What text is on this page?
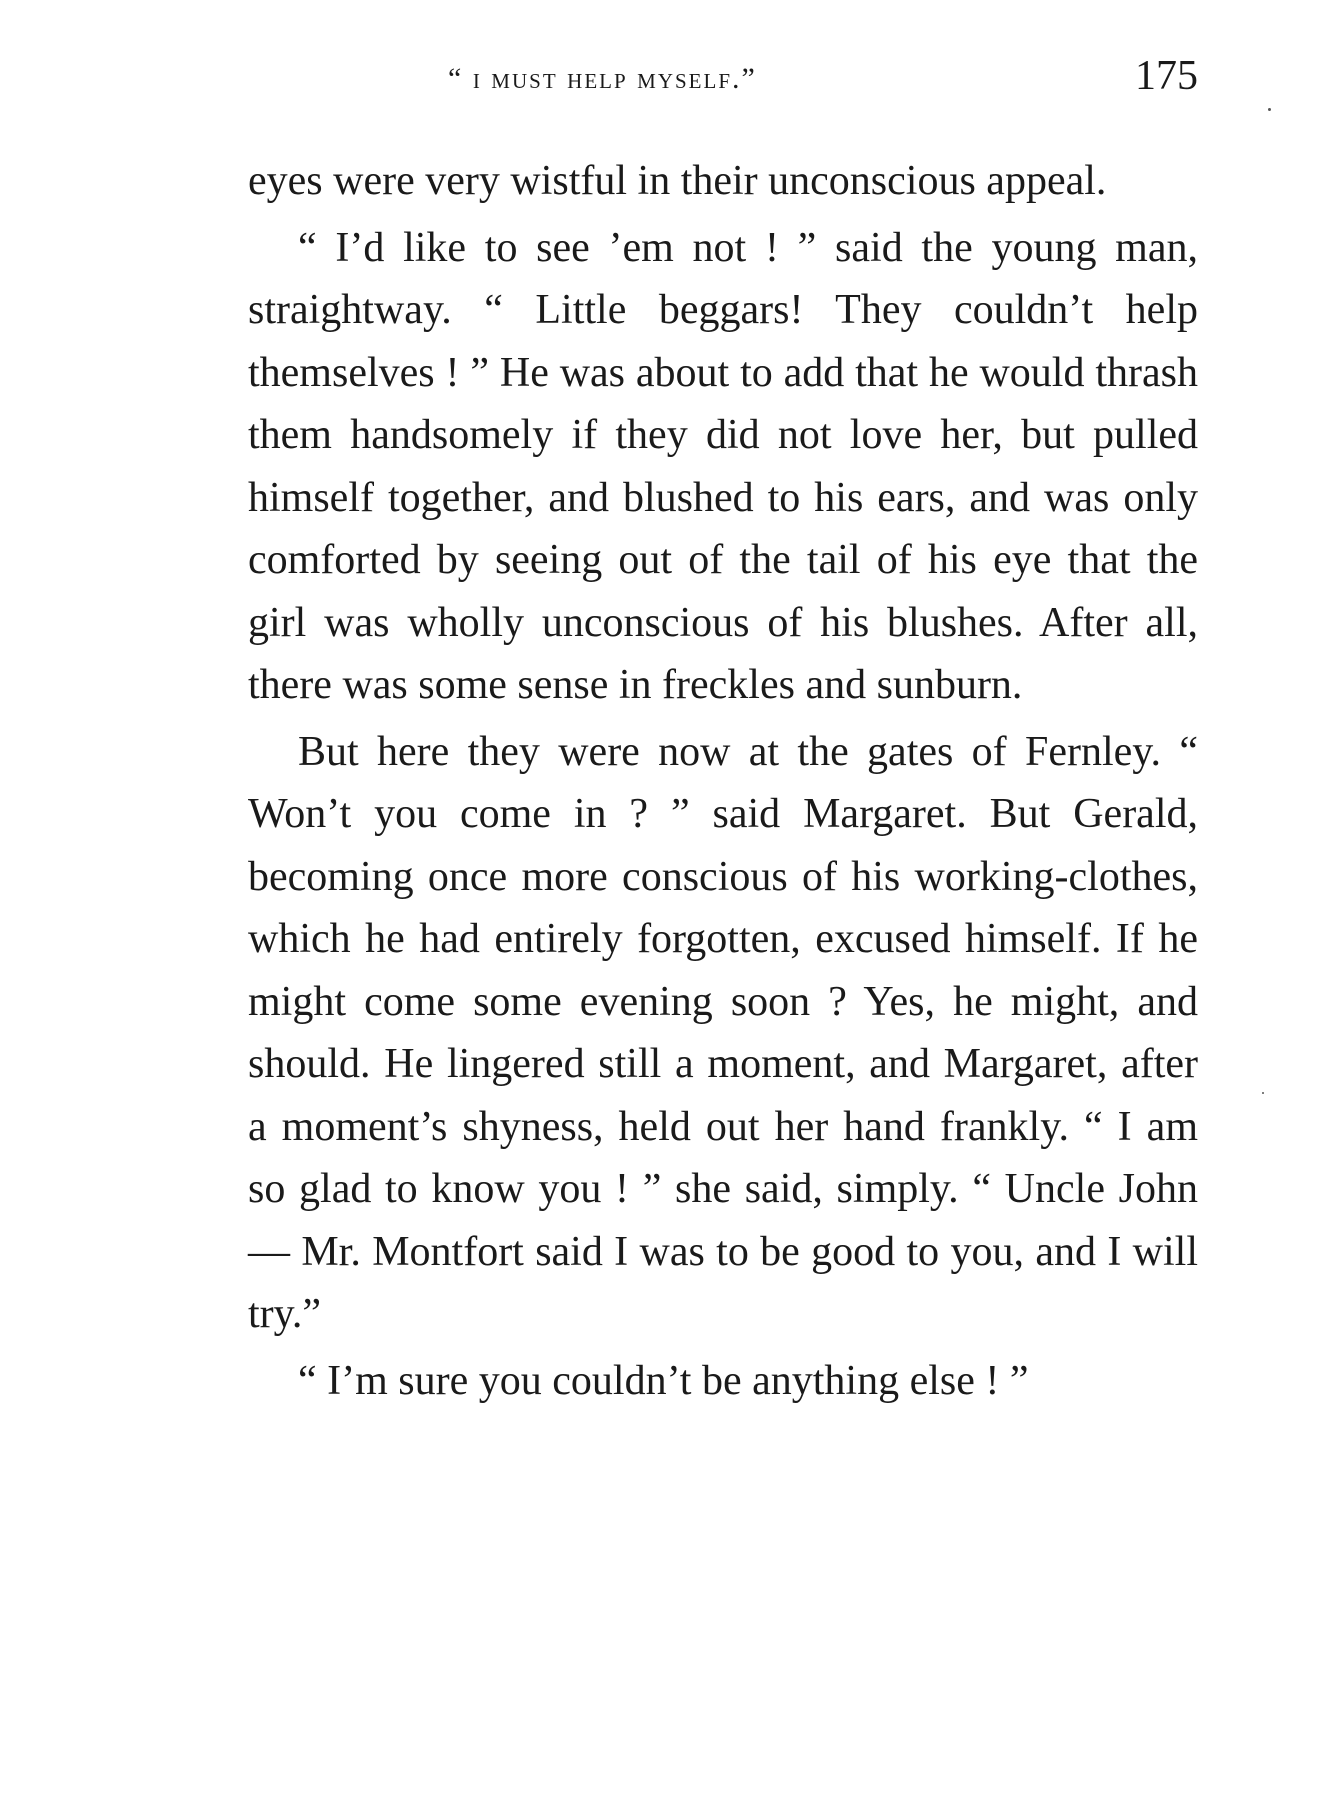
“ i must help myself.”	175

eyes were very wistful in their unconscious appeal.

“ I’d like to see ’em not ! ” said the young man, straightway. “ Little beggars! They couldn’t help themselves ! ” He was about to add that he would thrash them handsomely if they did not love her, but pulled himself together, and blushed to his ears, and was only comforted by seeing out of the tail of his eye that the girl was wholly unconscious of his blushes. After all, there was some sense in freckles and sunburn.

But here they were now at the gates of Fernley. “ Won’t you come in ? ” said Margaret. But Gerald, becoming once more conscious of his working-clothes, which he had entirely forgotten, excused himself. If he might come some evening soon ? Yes, he might, and should. He lingered still a moment, and Margaret, after a moment’s shyness, held out her hand frankly. “ I am so glad to know you ! ” she said, simply. “ Uncle John — Mr. Montfort said I was to be good to you, and I will try.”

“ I’m sure you couldn’t be anything else ! ”
